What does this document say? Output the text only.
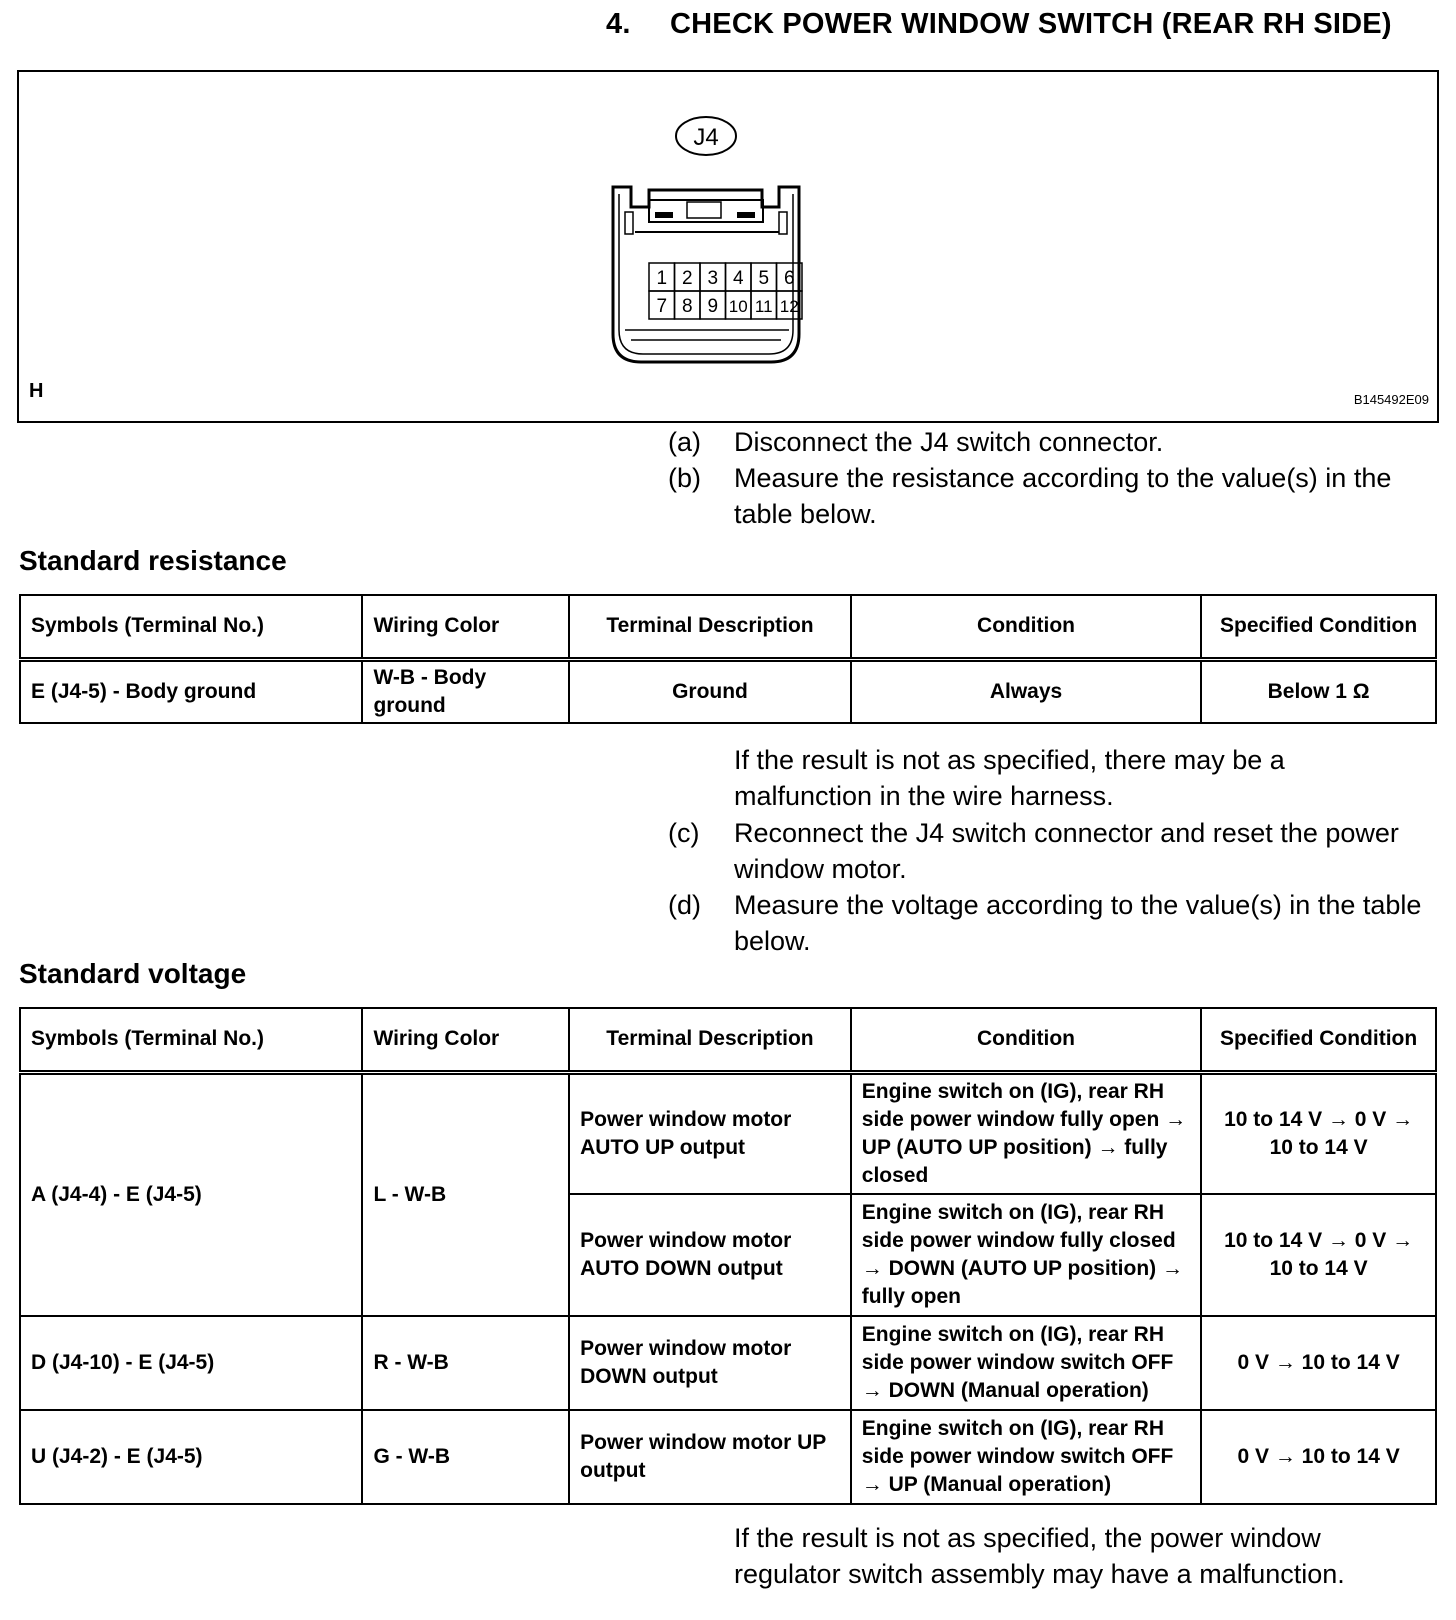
4. CHECK POWER WINDOW SWITCH (REAR RH SIDE)
J4
1 2 3 4 5 6
7 8 9 10 11 12
H	B145492E09
(a) Disconnect the J4 switch connector.
(b) Measure the resistance according to the value(s) in the table below.
Standard resistance
Symbols (Terminal No.)	Wiring Color	Terminal Description	Condition	Specified Condition
E (J4-5) - Body ground	W-B - Body ground	Ground	Always	Below 1 Ω
If the result is not as specified, there may be a malfunction in the wire harness.
(c) Reconnect the J4 switch connector and reset the power window motor.
(d) Measure the voltage according to the value(s) in the table below.
Standard voltage
Symbols (Terminal No.)	Wiring Color	Terminal Description	Condition	Specified Condition
A (J4-4) - E (J4-5)	L - W-B	Power window motor AUTO UP output	Engine switch on (IG), rear RH side power window fully open → UP (AUTO UP position) → fully closed	10 to 14 V → 0 V → 10 to 14 V
		Power window motor AUTO DOWN output	Engine switch on (IG), rear RH side power window fully closed → DOWN (AUTO UP position) → fully open	10 to 14 V → 0 V → 10 to 14 V
D (J4-10) - E (J4-5)	R - W-B	Power window motor DOWN output	Engine switch on (IG), rear RH side power window switch OFF → DOWN (Manual operation)	0 V → 10 to 14 V
U (J4-2) - E (J4-5)	G - W-B	Power window motor UP output	Engine switch on (IG), rear RH side power window switch OFF → UP (Manual operation)	0 V → 10 to 14 V
If the result is not as specified, the power window regulator switch assembly may have a malfunction.
